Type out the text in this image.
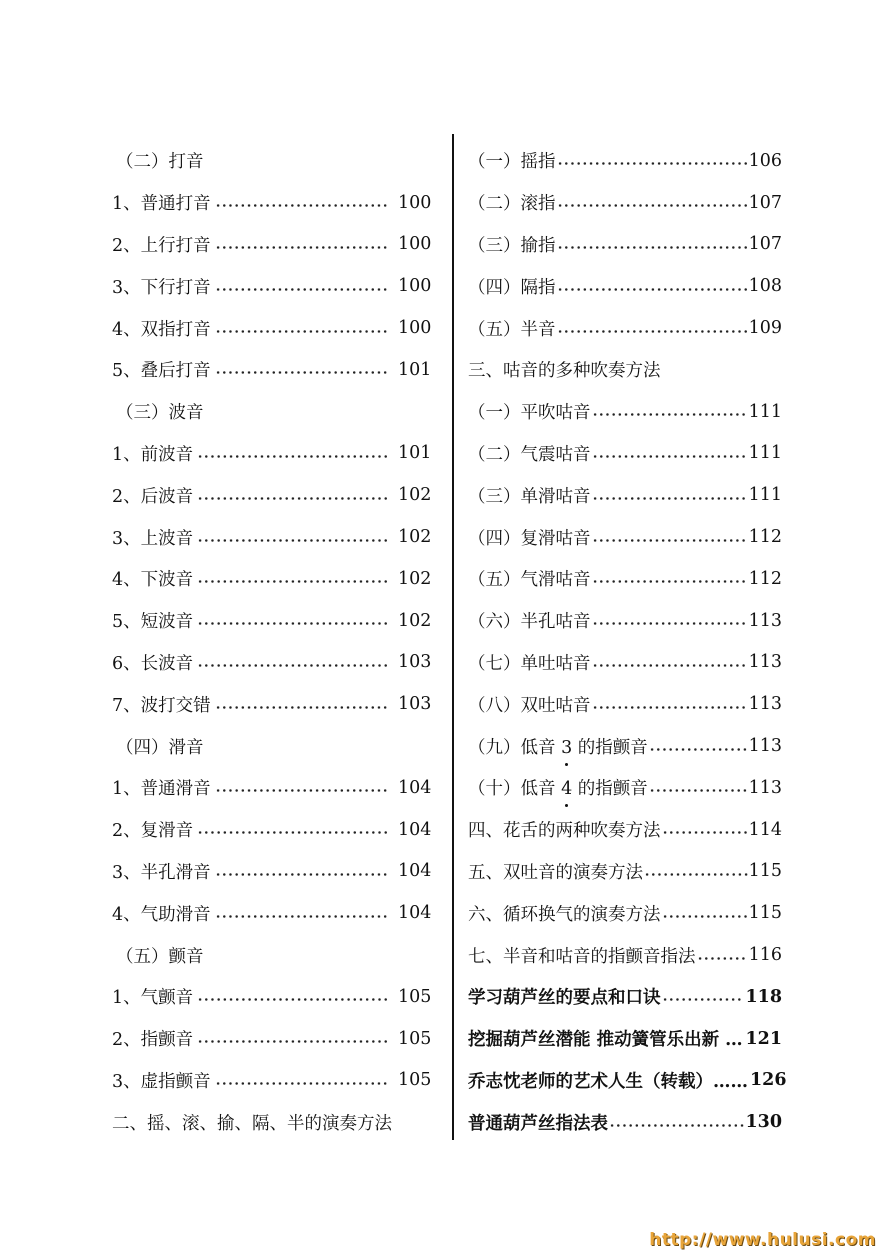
（二）打音
1、普通打音	100
2、上行打音	100
3、下行打音	100
4、双指打音	100
5、叠后打音	101
（三）波音
1、前波音	101
2、后波音	102
3、上波音	102
4、下波音	102
5、短波音	102
6、长波音	103
7、波打交错	103
（四）滑音
1、普通滑音	104
2、复滑音	104
3、半孔滑音	104
4、气助滑音	104
（五）颤音
1、气颤音	105
2、指颤音	105
3、虚指颤音	105
二、摇、滚、揄、隔、半的演奏方法
（一）摇指	106
（二）滚指	107
（三）揄指	107
（四）隔指	108
（五）半音	109
三、咕音的多种吹奏方法
（一）平吹咕音	111
（二）气震咕音	111
（三）单滑咕音	111
（四）复滑咕音	112
（五）气滑咕音	112
（六）半孔咕音	113
（七）单吐咕音	113
（八）双吐咕音	113
（九）低音 3 的指颤音	113
（十）低音 4 的指颤音	113
四、花舌的两种吹奏方法	114
五、双吐音的演奏方法	115
六、循环换气的演奏方法	115
七、半音和咕音的指颤音指法	116
学习葫芦丝的要点和口诀	118
挖掘葫芦丝潜能 推动簧管乐出新 … 121
乔志忱老师的艺术人生（转载）…… 126
普通葫芦丝指法表	130
http://www.hulusi.com
